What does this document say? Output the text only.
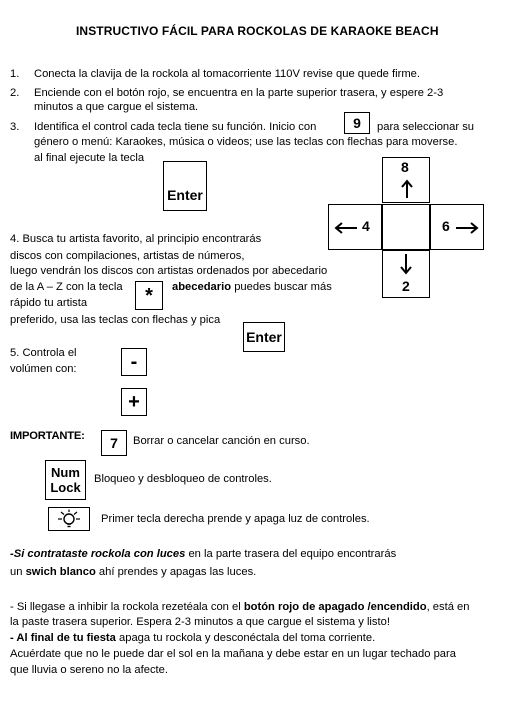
INSTRUCTIVO FÁCIL PARA ROCKOLAS DE KARAOKE BEACH
1. Conecta la clavija de la rockola al tomacorriente 110V revise que quede firme.
2. Enciende con el botón rojo, se encuentra en la parte superior trasera, y espere 2-3
minutos a que cargue el sistema.
3. Identifica el control cada tecla tiene su función. Inicio con	9	para seleccionar su
género o menú: Karaokes, música o videos; use las teclas con flechas para moverse.
al final ejecute la tecla
Enter
8
4	6
2
4. Busca tu artista favorito, al principio encontrarás
discos con compilaciones, artistas de números,
luego vendrán los discos con artistas ordenados por abecedario
de la A – Z con la tecla	*	abecedario puedes buscar más
rápido tu artista
preferido, usa las teclas con flechas y pica
Enter
5. Controla el
volúmen con:	-
+
IMPORTANTE:	7	Borrar o cancelar canción en curso.
Num
Lock
Bloqueo y desbloqueo de controles.
Primer tecla derecha prende y apaga luz de controles.
-Si contrataste rockola con luces en la parte trasera del equipo encontrarás
un swich blanco ahí prendes y apagas las luces.
- Si llegase a inhibir la rockola rezetéala con el botón rojo de apagado /encendido, está en
la paste trasera superior. Espera 2-3 minutos a que cargue el sistema y listo!
- Al final de tu fiesta apaga tu rockola y desconéctala del toma corriente.
Acuérdate que no le puede dar el sol en la mañana y debe estar en un lugar techado para
que lluvia o sereno no la afecte.
